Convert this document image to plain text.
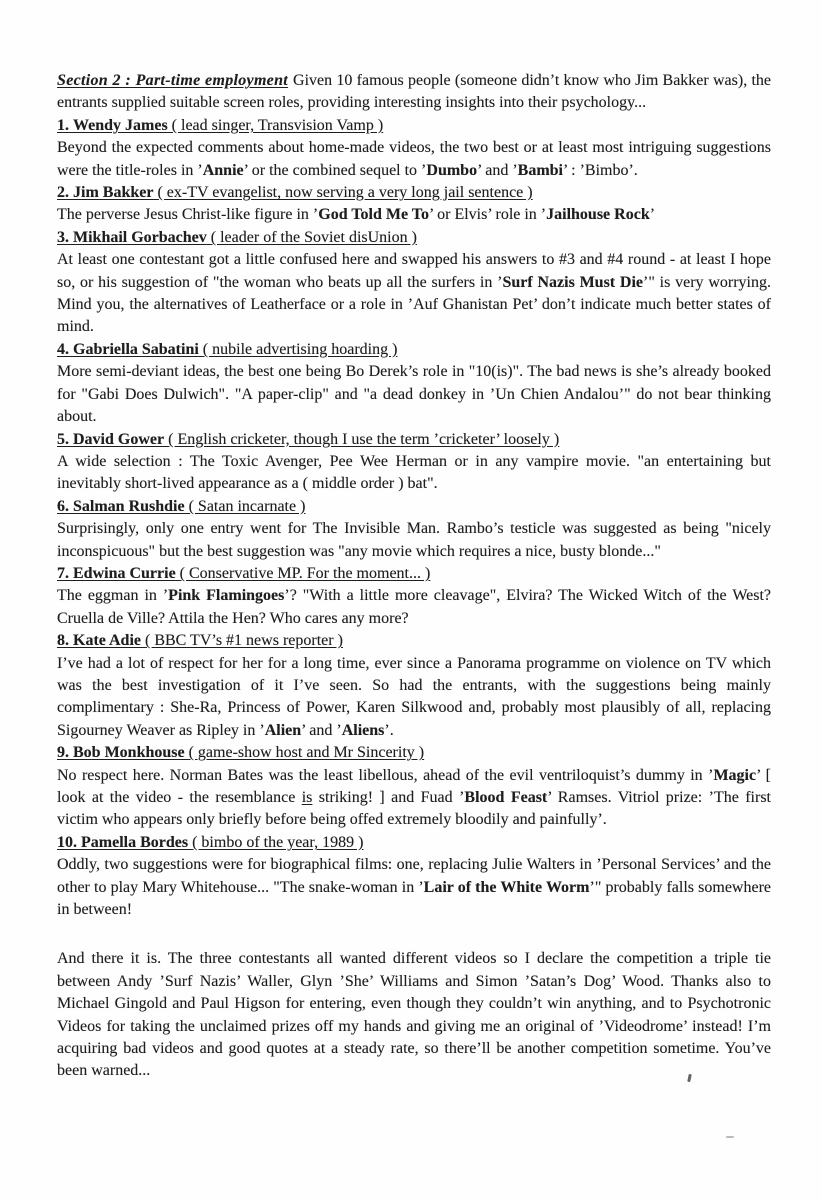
Section 2 : Part-time employment Given 10 famous people (someone didn’t know who Jim Bakker was), the entrants supplied suitable screen roles, providing interesting insights into their psychology...

1. Wendy James ( lead singer, Transvision Vamp )

Beyond the expected comments about home-made videos, the two best or at least most intriguing suggestions were the title-roles in ’Annie’ or the combined sequel to ’Dumbo’ and ’Bambi’ : ’Bimbo’.

2. Jim Bakker ( ex-TV evangelist, now serving a very long jail sentence )

The perverse Jesus Christ-like figure in ’God Told Me To’ or Elvis’ role in ’Jailhouse Rock’

3. Mikhail Gorbachev ( leader of the Soviet disUnion )

At least one contestant got a little confused here and swapped his answers to #3 and #4 round - at least I hope so, or his suggestion of "the woman who beats up all the surfers in ’Surf Nazis Must Die’" is very worrying. Mind you, the alternatives of Leatherface or a role in ’Auf Ghanistan Pet’ don’t indicate much better states of mind.

4. Gabriella Sabatini ( nubile advertising hoarding )

More semi-deviant ideas, the best one being Bo Derek’s role in "10(is)". The bad news is she’s already booked for "Gabi Does Dulwich". "A paper-clip" and "a dead donkey in ’Un Chien Andalou’" do not bear thinking about.

5. David Gower ( English cricketer, though I use the term ’cricketer’ loosely )

A wide selection : The Toxic Avenger, Pee Wee Herman or in any vampire movie. "an entertaining but inevitably short-lived appearance as a ( middle order ) bat".

6. Salman Rushdie ( Satan incarnate )

Surprisingly, only one entry went for The Invisible Man. Rambo’s testicle was suggested as being "nicely inconspicuous" but the best suggestion was "any movie which requires a nice, busty blonde..."

7. Edwina Currie ( Conservative MP. For the moment... )

The eggman in ’Pink Flamingoes’? "With a little more cleavage", Elvira? The Wicked Witch of the West? Cruella de Ville? Attila the Hen? Who cares any more?

8. Kate Adie ( BBC TV’s #1 news reporter )

I’ve had a lot of respect for her for a long time, ever since a Panorama programme on violence on TV which was the best investigation of it I’ve seen. So had the entrants, with the suggestions being mainly complimentary : She-Ra, Princess of Power, Karen Silkwood and, probably most plausibly of all, replacing Sigourney Weaver as Ripley in ’Alien’ and ’Aliens’.

9. Bob Monkhouse ( game-show host and Mr Sincerity )

No respect here. Norman Bates was the least libellous, ahead of the evil ventriloquist’s dummy in ’Magic’ [ look at the video - the resemblance is striking! ] and Fuad ’Blood Feast’ Ramses. Vitriol prize: ’The first victim who appears only briefly before being offed extremely bloodily and painfully’.

10. Pamella Bordes ( bimbo of the year, 1989 )

Oddly, two suggestions were for biographical films: one, replacing Julie Walters in ’Personal Services’ and the other to play Mary Whitehouse... "The snake-woman in ’Lair of the White Worm’" probably falls somewhere in between!

And there it is. The three contestants all wanted different videos so I declare the competition a triple tie between Andy ’Surf Nazis’ Waller, Glyn ’She’ Williams and Simon ’Satan’s Dog’ Wood. Thanks also to Michael Gingold and Paul Higson for entering, even though they couldn’t win anything, and to Psychotronic Videos for taking the unclaimed prizes off my hands and giving me an original of ’Videodrome’ instead! I’m acquiring bad videos and good quotes at a steady rate, so there’ll be another competition sometime. You’ve been warned...
